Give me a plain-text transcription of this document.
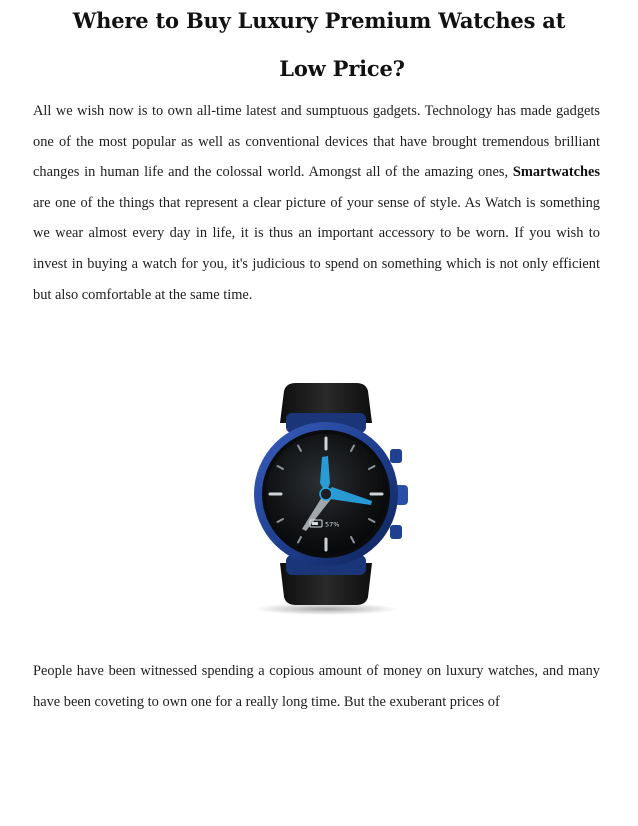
Where to Buy Luxury Premium Watches at
Low Price?

All we wish now is to own all-time latest and sumptuous gadgets. Technology has made gadgets one of the most popular as well as conventional devices that have brought tremendous brilliant changes in human life and the colossal world. Amongst all of the amazing ones, Smartwatches are one of the things that represent a clear picture of your sense of style. As Watch is something we wear almost every day in life, it is thus an important accessory to be worn. If you wish to invest in buying a watch for you, it's judicious to spend on something which is not only efficient but also comfortable at the same time.

57%

People have been witnessed spending a copious amount of money on luxury watches, and many have been coveting to own one for a really long time. But the exuberant prices of
